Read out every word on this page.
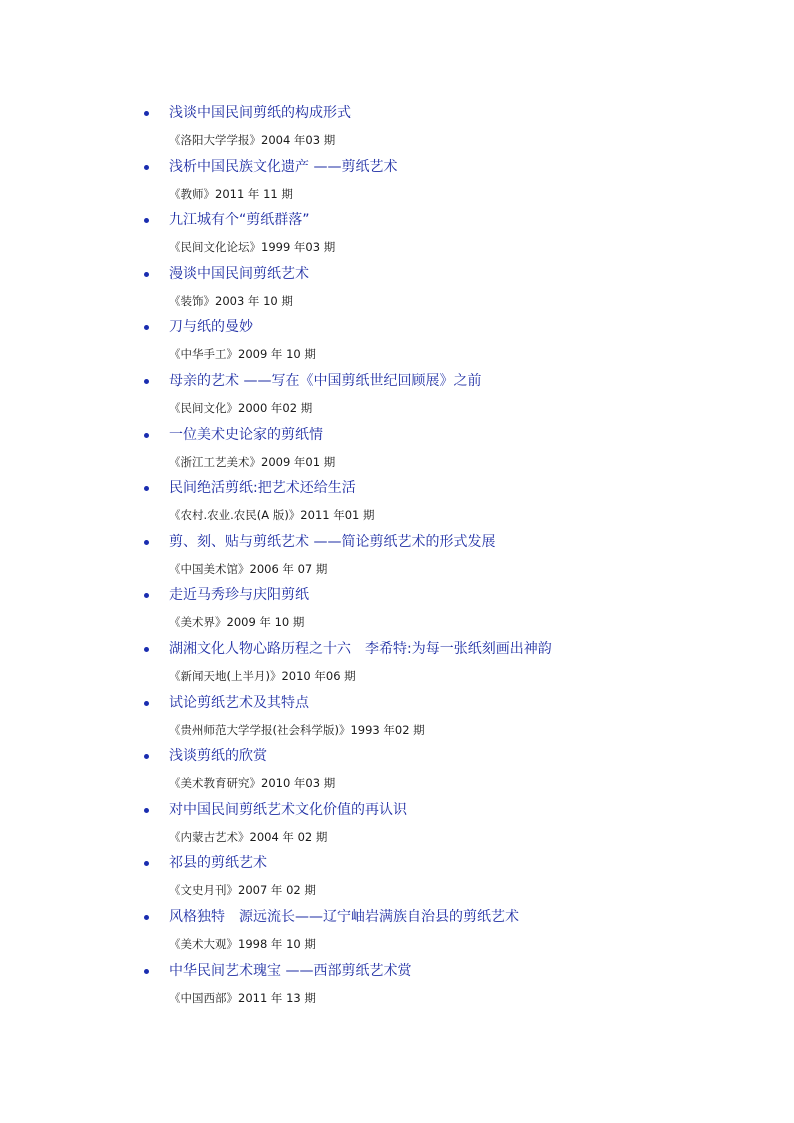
浅谈中国民间剪纸的构成形式
《洛阳大学学报》2004 年03 期
浅析中国民族文化遗产 ——剪纸艺术
《教师》2011 年 11 期
九江城有个“剪纸群落”
《民间文化论坛》1999 年03 期
漫谈中国民间剪纸艺术
《装饰》2003 年 10 期
刀与纸的曼妙
《中华手工》2009 年 10 期
母亲的艺术 ——写在《中国剪纸世纪回顾展》之前
《民间文化》2000 年02 期
一位美术史论家的剪纸情
《浙江工艺美术》2009 年01 期
民间绝活剪纸:把艺术还给生活
《农村.农业.农民(A 版)》2011 年01 期
剪、刻、贴与剪纸艺术 ——简论剪纸艺术的形式发展
《中国美术馆》2006 年 07 期
走近马秀珍与庆阳剪纸
《美术界》2009 年 10 期
湖湘文化人物心路历程之十六　李希特:为每一张纸刻画出神韵
《新闻天地(上半月)》2010 年06 期
试论剪纸艺术及其特点
《贵州师范大学学报(社会科学版)》1993 年02 期
浅谈剪纸的欣赏
《美术教育研究》2010 年03 期
对中国民间剪纸艺术文化价值的再认识
《内蒙古艺术》2004 年 02 期
祁县的剪纸艺术
《文史月刊》2007 年 02 期
风格独特　源远流长——辽宁岫岩满族自治县的剪纸艺术
《美术大观》1998 年 10 期
中华民间艺术瑰宝 ——西部剪纸艺术赏
《中国西部》2011 年 13 期
